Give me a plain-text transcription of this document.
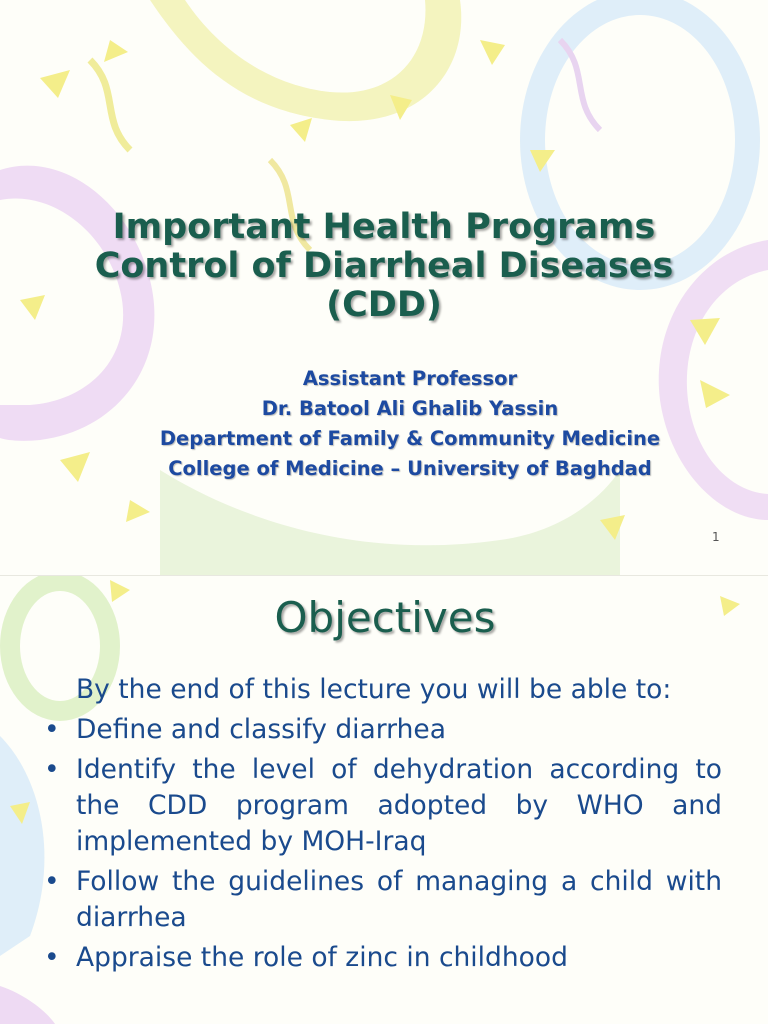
Important Health Programs
Control of Diarrheal Diseases
(CDD)
Assistant Professor
Dr. Batool Ali Ghalib Yassin
Department of Family & Community Medicine
College of Medicine – University of Baghdad
1
Objectives
By the end of this lecture you will be able to:
• Define and classify diarrhea
• Identify the level of dehydration according to the CDD program adopted by WHO and implemented by MOH-Iraq
• Follow the guidelines of managing a child with diarrhea
• Appraise the role of zinc in childhood
